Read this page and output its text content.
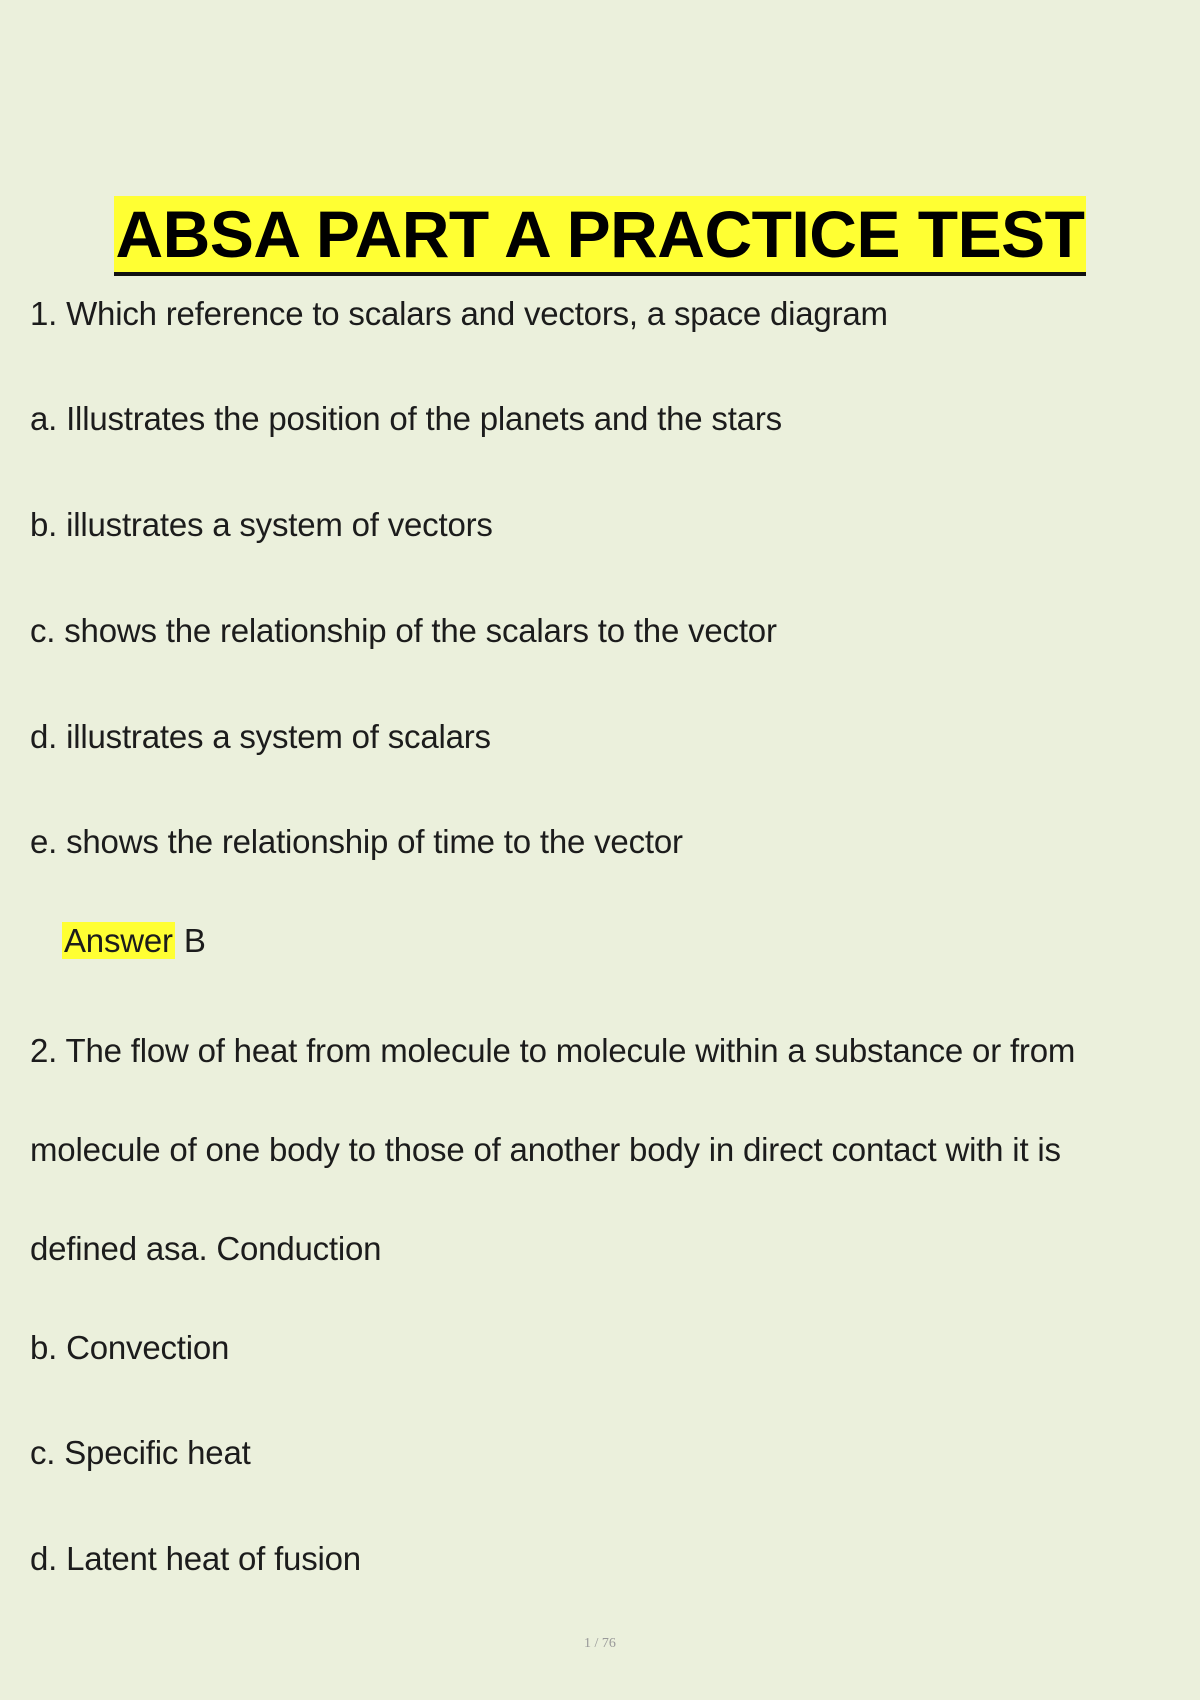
ABSA PART A PRACTICE TEST
1. Which reference to scalars and vectors, a space diagram
a. Illustrates the position of the planets and the stars
b. illustrates a system of vectors
c. shows the relationship of the scalars to the vector
d. illustrates a system of scalars
e. shows the relationship of time to the vector
Answer B
2. The flow of heat from molecule to molecule within a substance or from
molecule of one body to those of another body in direct contact with it is
defined asa. Conduction
b. Convection
c. Specific heat
d. Latent heat of fusion
1 / 76
